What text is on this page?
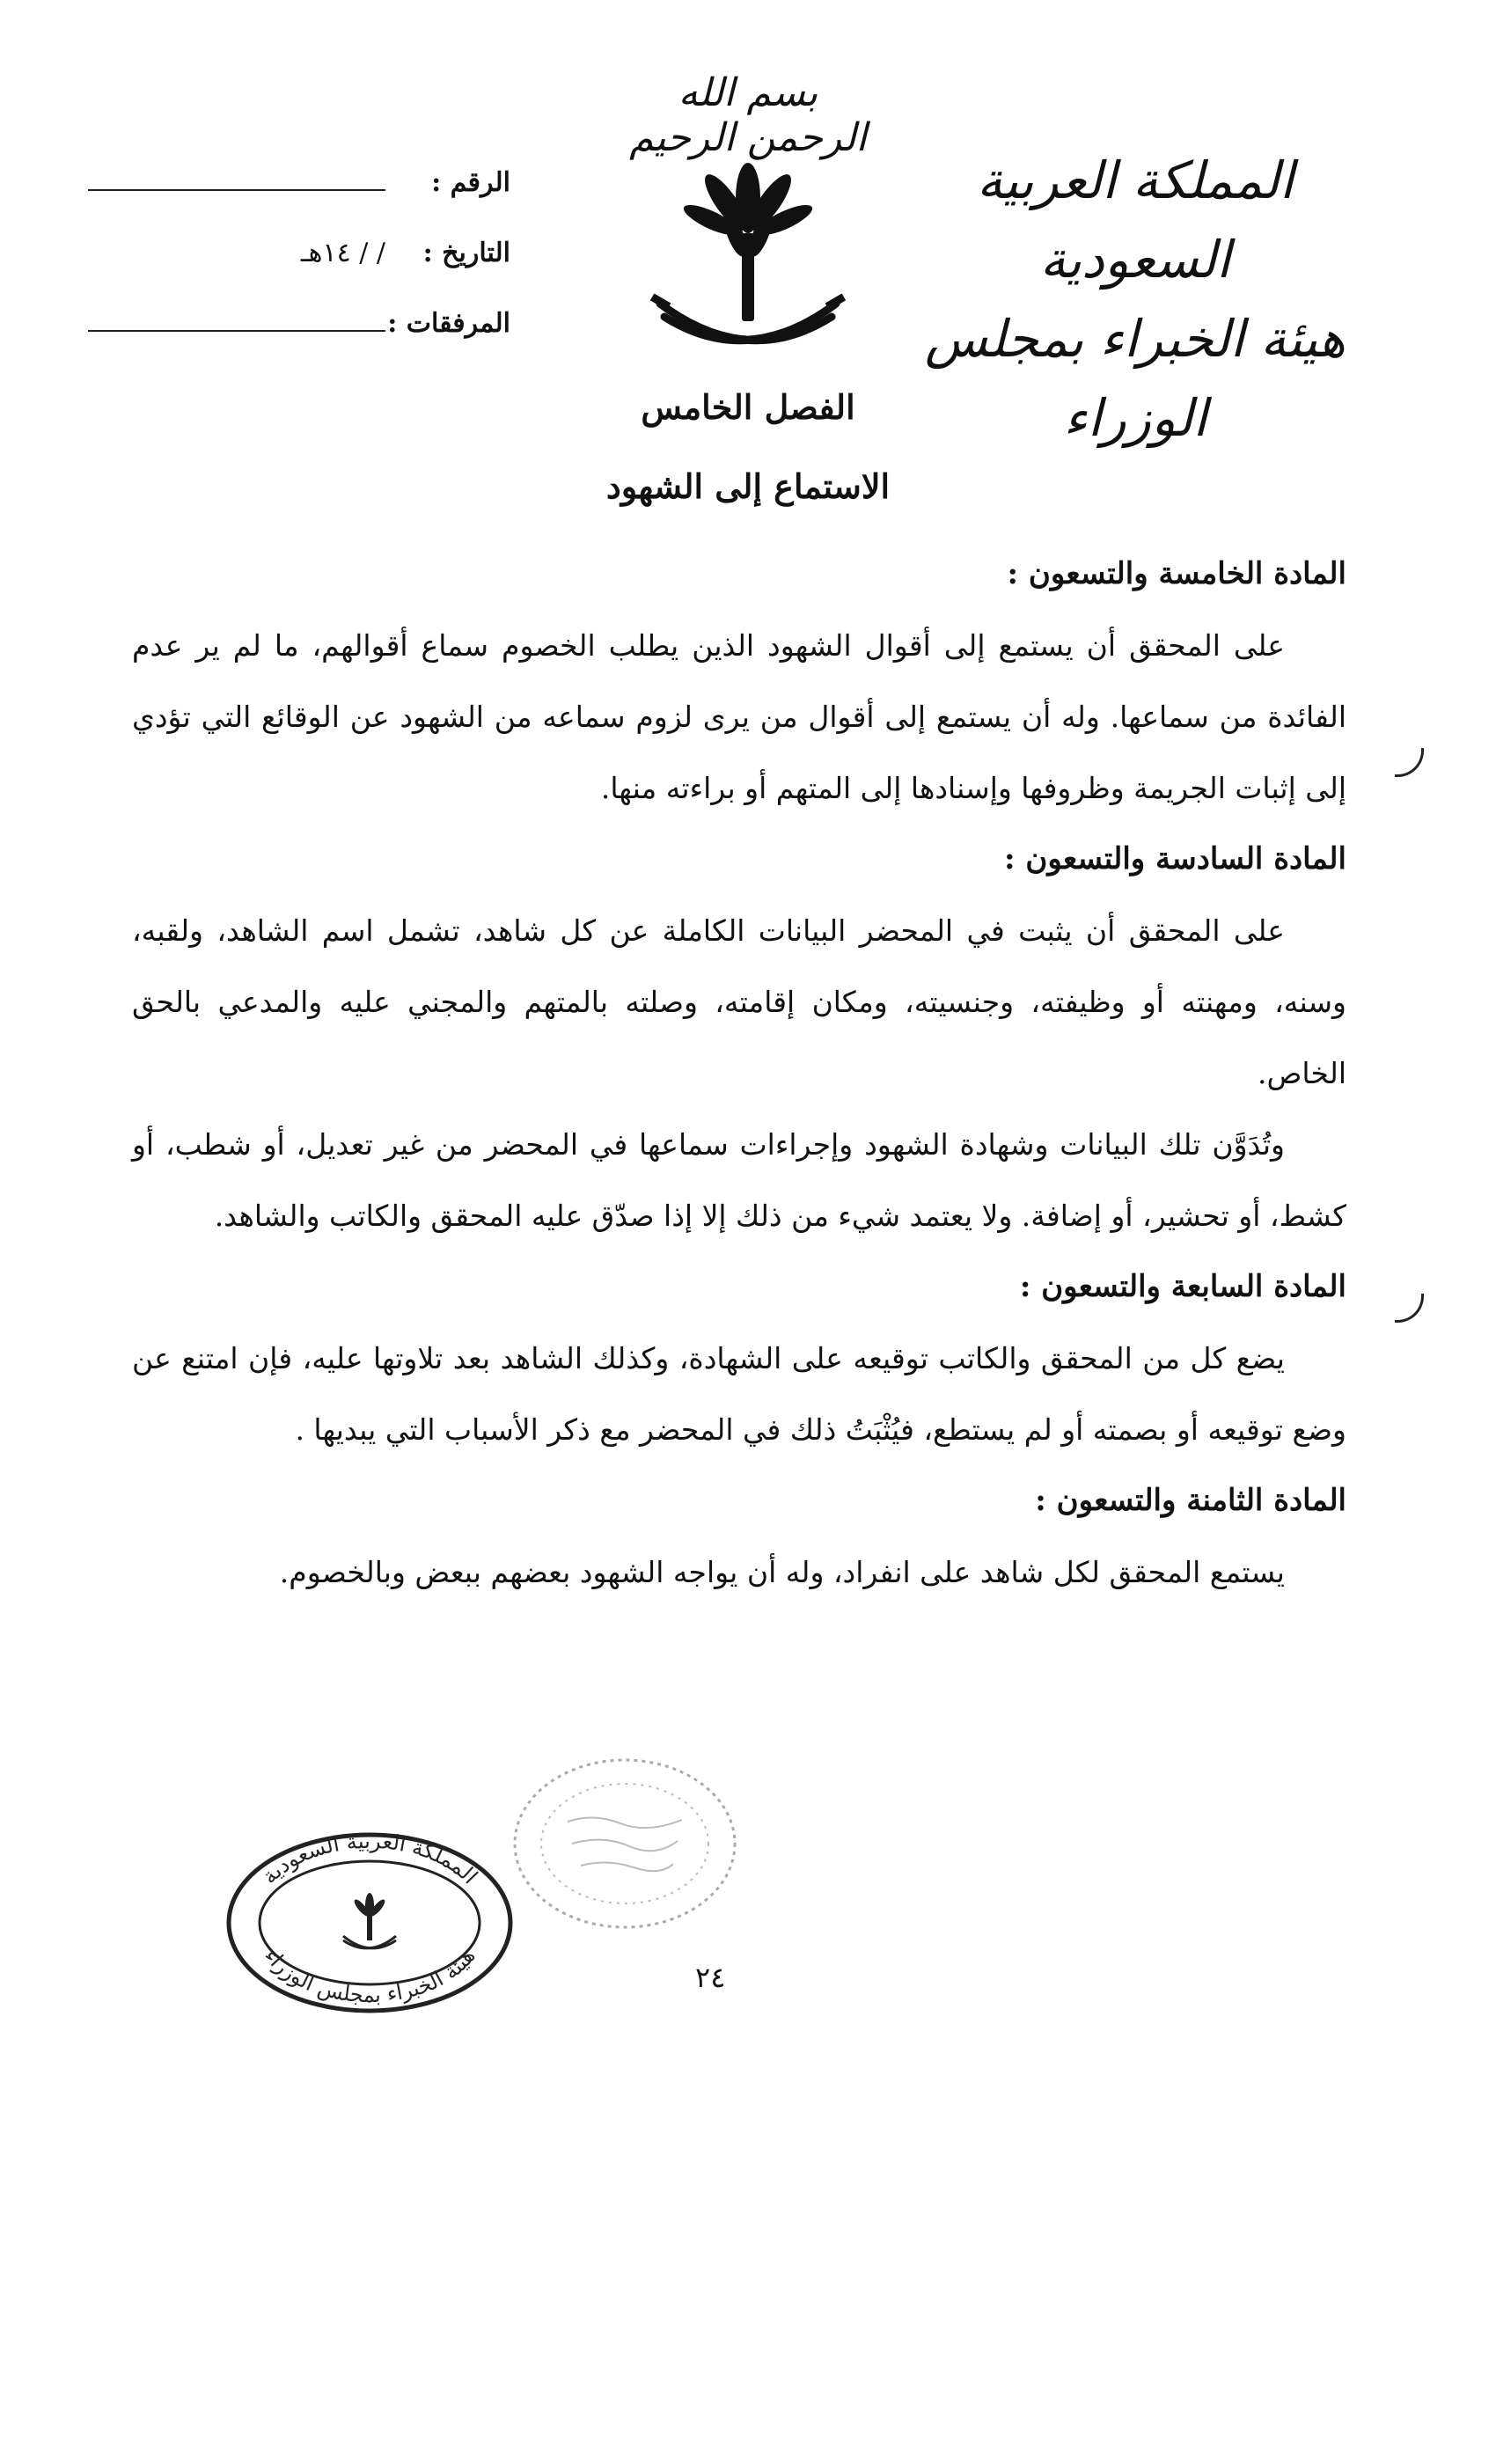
بسم الله الرحمن الرحيم
المملكة العربية السعودية
هيئة الخبراء بمجلس الوزراء
الرقم :
التاريخ :
/ / ١٤هـ
المرفقات :
الفصل الخامس
الاستماع إلى الشهود
المادة الخامسة والتسعون :

على المحقق أن يستمع إلى أقوال الشهود الذين يطلب الخصوم سماع أقوالهم، ما لم ير عدم الفائدة من سماعها. وله أن يستمع إلى أقوال من يرى لزوم سماعه من الشهود عن الوقائع التي تؤدي إلى إثبات الجريمة وظروفها وإسنادها إلى المتهم أو براءته منها.

المادة السادسة والتسعون :

على المحقق أن يثبت في المحضر البيانات الكاملة عن كل شاهد، تشمل اسم الشاهد، ولقبه، وسنه، ومهنته أو وظيفته، وجنسيته، ومكان إقامته، وصلته بالمتهم والمجني عليه والمدعي بالحق الخاص.

وتُدَوَّن تلك البيانات وشهادة الشهود وإجراءات سماعها في المحضر من غير تعديل، أو شطب، أو كشط، أو تحشير، أو إضافة. ولا يعتمد شيء من ذلك إلا إذا صدّق عليه المحقق والكاتب والشاهد.

المادة السابعة والتسعون :

يضع كل من المحقق والكاتب توقيعه على الشهادة، وكذلك الشاهد بعد تلاوتها عليه، فإن امتنع عن وضع توقيعه أو بصمته أو لم يستطع، فيُثْبَتُ ذلك في المحضر مع ذكر الأسباب التي يبديها .

المادة الثامنة والتسعون :

يستمع المحقق لكل شاهد على انفراد، وله أن يواجه الشهود بعضهم ببعض وبالخصوم.

المملكة العربية السعودية
هيئة الخبراء بمجلس الوزراء
٢٤
